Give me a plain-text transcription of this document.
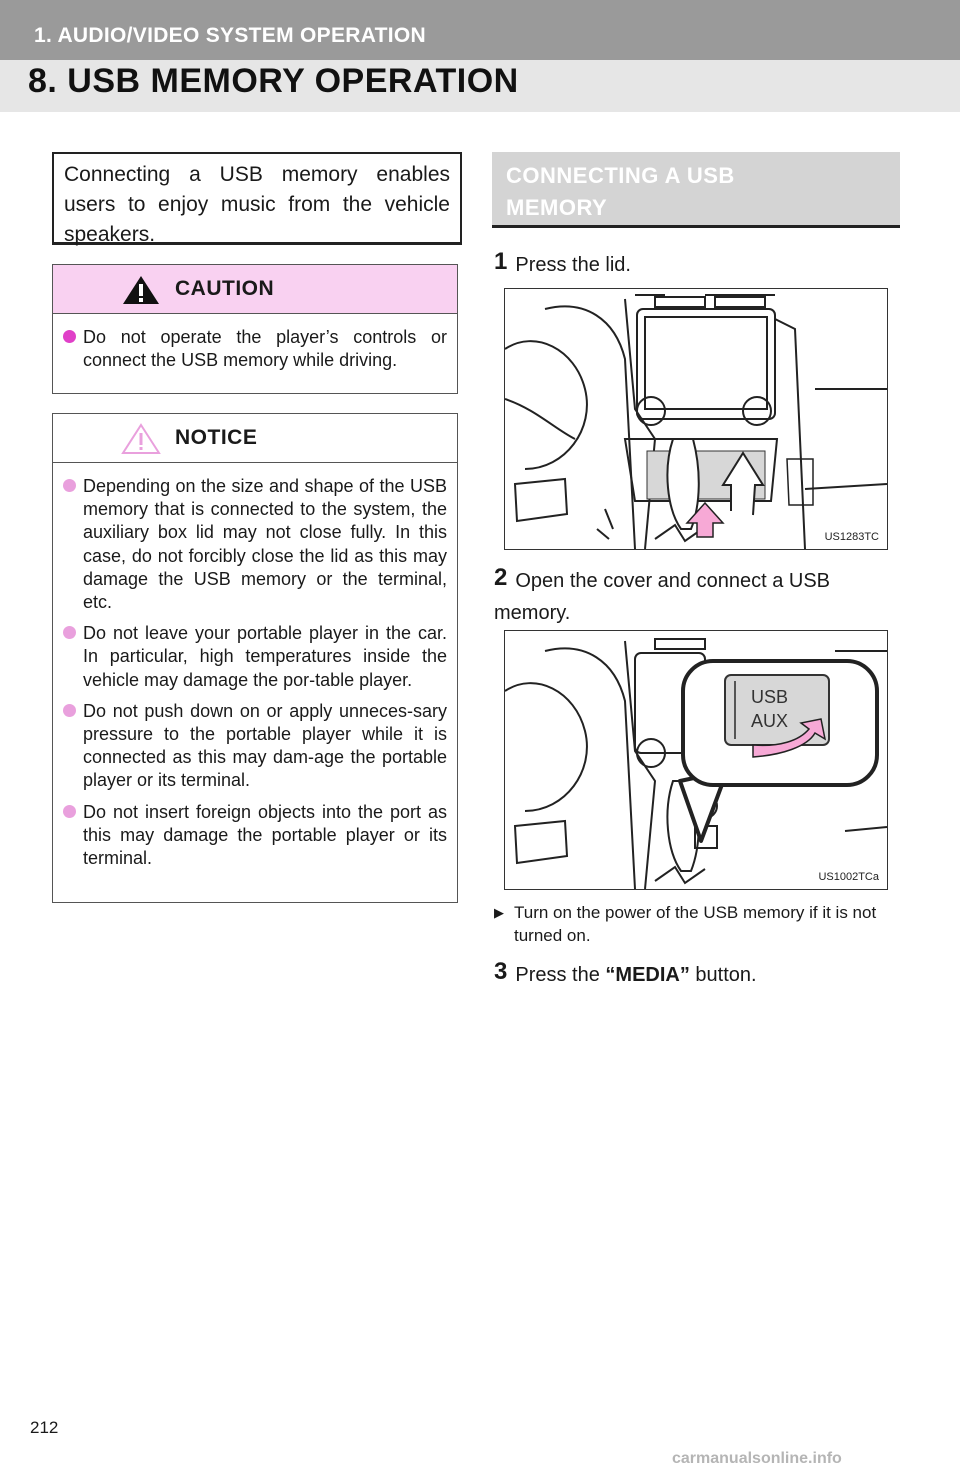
1. AUDIO/VIDEO SYSTEM OPERATION
8. USB MEMORY OPERATION
Connecting a USB memory enables users to enjoy music from the vehicle speakers.
CAUTION
Do not operate the player’s controls or connect the USB memory while driving.
NOTICE
Depending on the size and shape of the USB memory that is connected to the system, the auxiliary box lid may not close fully. In this case, do not forcibly close the lid as this may damage the USB memory or the terminal, etc.
Do not leave your portable player in the car. In particular, high temperatures inside the vehicle may damage the por-table player.
Do not push down on or apply unneces-sary pressure to the portable player while it is connected as this may dam-age the portable player or its terminal.
Do not insert foreign objects into the port as this may damage the portable player or its terminal.
CONNECTING A USB
MEMORY
1 Press the lid.
US1283TC
2 Open the cover and connect a USB memory.
USB
AUX
US1002TCa
▶ Turn on the power of the USB memory if it is not turned on.
3 Press the “MEDIA” button.
212
carmanualsonline.info
